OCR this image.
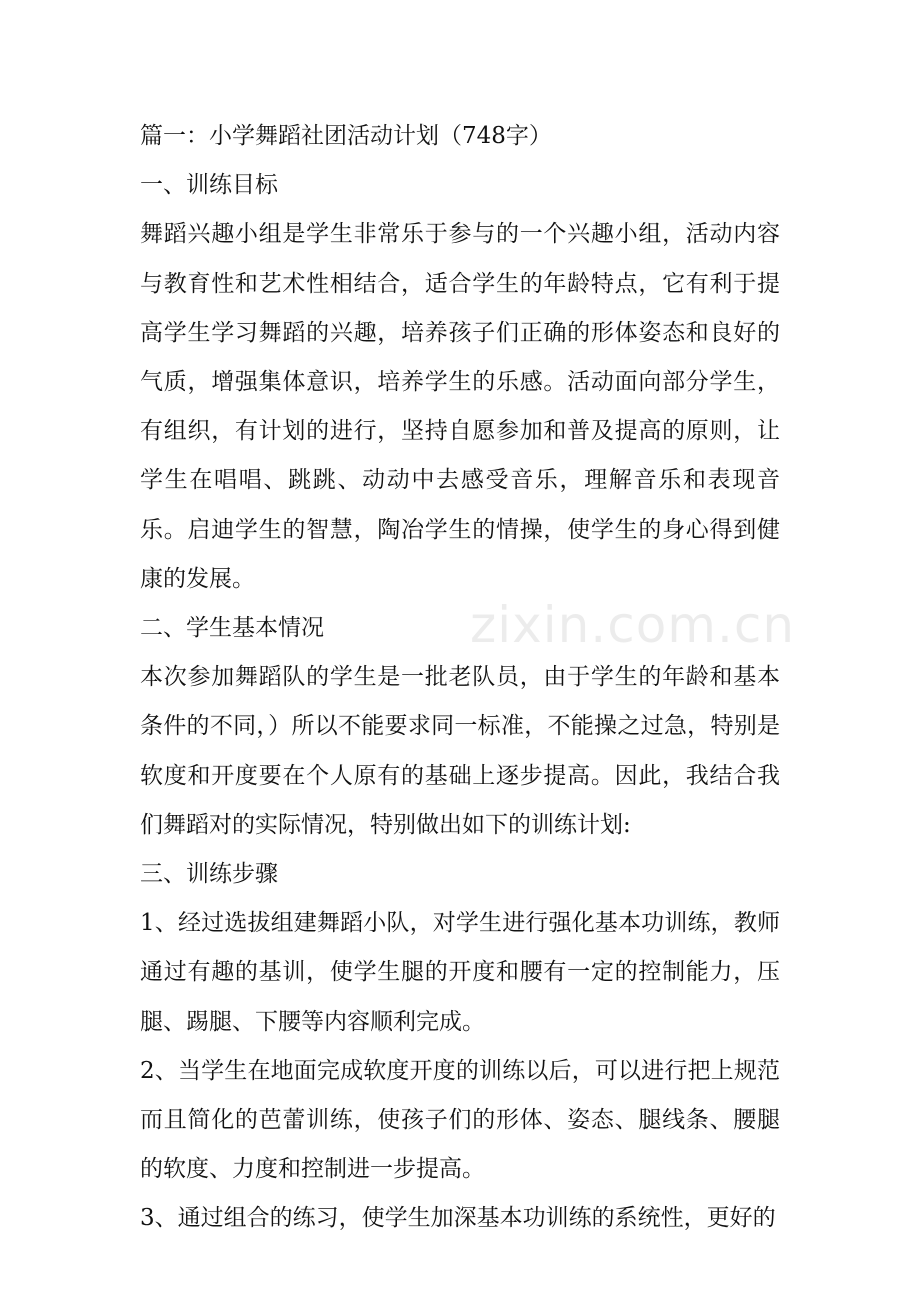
zixin.com.cn

篇一：小学舞蹈社团活动计划（748字）

一、训练目标

舞蹈兴趣小组是学生非常乐于参与的一个兴趣小组，活动内容与教育性和艺术性相结合，适合学生的年龄特点，它有利于提高学生学习舞蹈的兴趣，培养孩子们正确的形体姿态和良好的气质，增强集体意识，培养学生的乐感。活动面向部分学生，有组织，有计划的进行，坚持自愿参加和普及提高的原则，让学生在唱唱、跳跳、动动中去感受音乐，理解音乐和表现音乐。启迪学生的智慧，陶冶学生的情操，使学生的身心得到健康的发展。

二、学生基本情况

本次参加舞蹈队的学生是一批老队员，由于学生的年龄和基本条件的不同，）所以不能要求同一标准，不能操之过急，特别是软度和开度要在个人原有的基础上逐步提高。因此，我结合我们舞蹈对的实际情况，特别做出如下的训练计划:

三、训练步骤

1、经过选拔组建舞蹈小队，对学生进行强化基本功训练，教师通过有趣的基训，使学生腿的开度和腰有一定的控制能力，压腿、踢腿、下腰等内容顺利完成。

2、当学生在地面完成软度开度的训练以后，可以进行把上规范而且简化的芭蕾训练，使孩子们的形体、姿态、腿线条、腰腿的软度、力度和控制进一步提高。

3、通过组合的练习，使学生加深基本功训练的系统性，更好的
